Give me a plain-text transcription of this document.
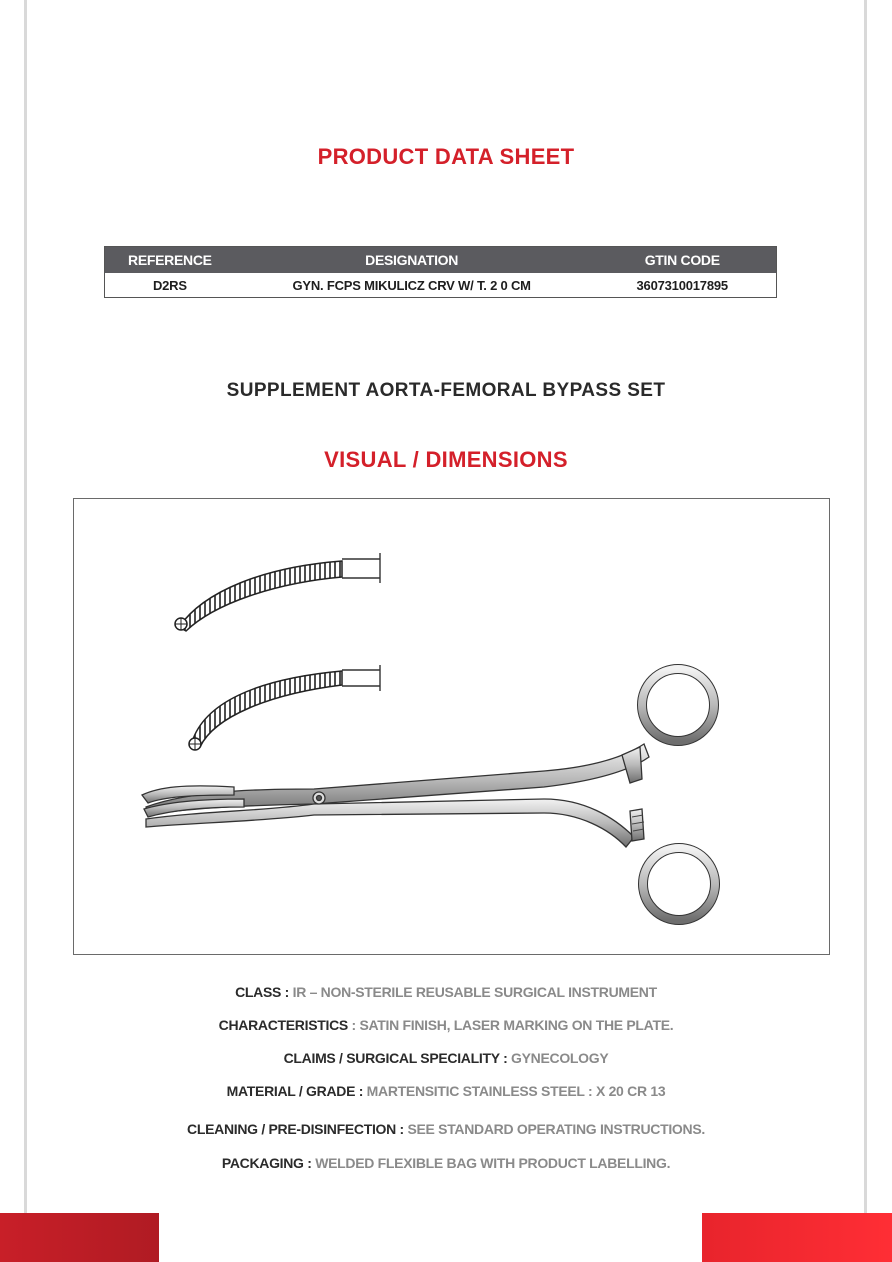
PRODUCT DATA SHEET
REFERENCE	DESIGNATION	GTIN CODE
D2RS	GYN. FCPS MIKULICZ CRV W/ T. 2 0 CM	3607310017895
SUPPLEMENT AORTA-FEMORAL BYPASS SET
VISUAL / DIMENSIONS
CLASS : IR – NON-STERILE REUSABLE SURGICAL INSTRUMENT
CHARACTERISTICS : SATIN FINISH, LASER MARKING ON THE PLATE.
CLAIMS / SURGICAL SPECIALITY : GYNECOLOGY
MATERIAL / GRADE : MARTENSITIC STAINLESS STEEL : X 20 CR 13
CLEANING / PRE-DISINFECTION : SEE STANDARD OPERATING INSTRUCTIONS.
PACKAGING : WELDED FLEXIBLE BAG WITH PRODUCT LABELLING.
